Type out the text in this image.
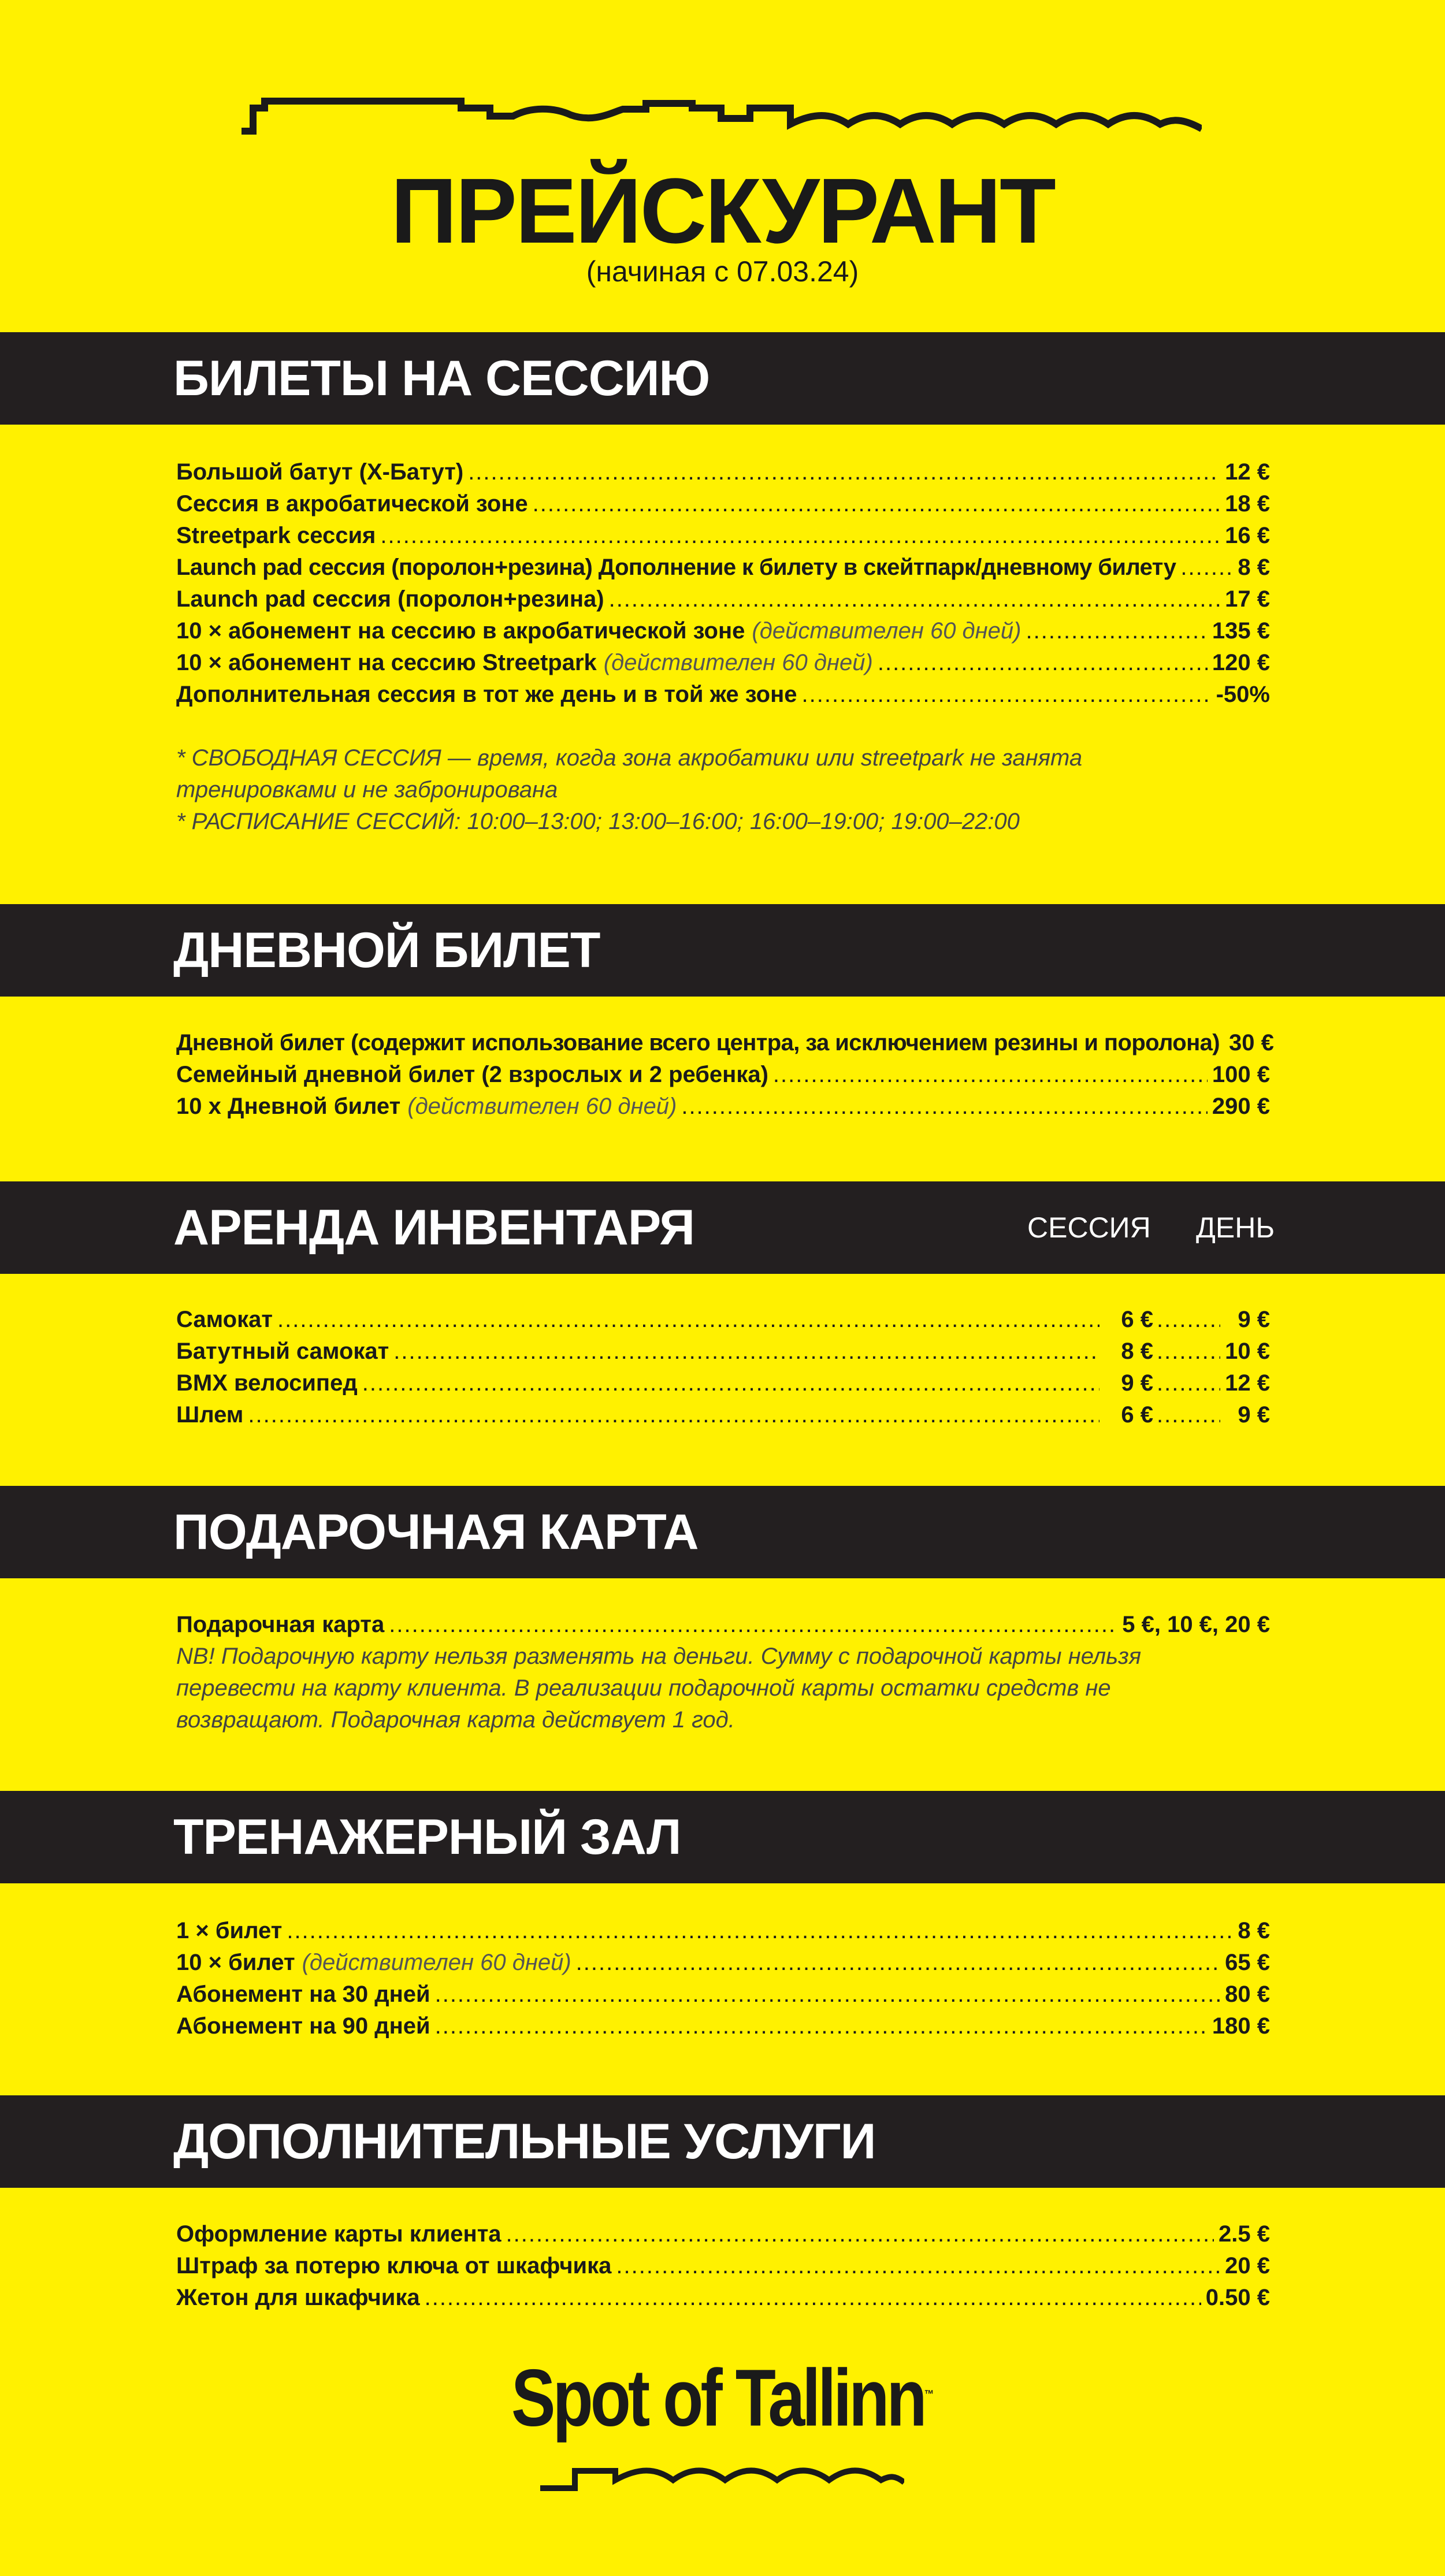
ПРЕЙСКУРАНТ
(начиная с 07.03.24)
БИЛЕТЫ НА СЕССИЮ
Большой батут (X-Батут) .....	12 €
Сессия в акробатической зоне .....	18 €
Streetpark сессия .....	16 €
Launch pad сессия (поролон+резина) Дополнение к билету в скейтпарк/дневному билету .....	8 €
Launch pad сессия (поролон+резина) .....	17 €
10 × абонемент на сессию в акробатической зоне (действителен 60 дней) .....	135 €
10 × абонемент на сессию Streetpark (действителен 60 дней) .....	120 €
Дополнительная сессия в тот же день и в той же зоне .....	-50%
* СВОБОДНАЯ СЕССИЯ — время, когда зона акробатики или streetpark не занята
тренировками и не забронирована
* РАСПИСАНИЕ СЕССИЙ: 10:00–13:00; 13:00–16:00; 16:00–19:00; 19:00–22:00
ДНЕВНОЙ БИЛЕТ
Дневной билет (содержит использование всего центра, за исключением резины и поролона) 30 €
Семейный дневной билет (2 взрослых и 2 ребенка) .....	100 €
10 x Дневной билет (действителен 60 дней) .....	290 €
АРЕНДА ИНВЕНТАРЯ	СЕССИЯ ДЕНЬ
Самокат .....	6 € .....	9 €
Батутный самокат .....	8 € .....	10 €
BMX велосипед .....	9 € .....	12 €
Шлем .....	6 € .....	9 €
ПОДАРОЧНАЯ КАРТА
Подарочная карта .....	5 €, 10 €, 20 €
NB! Подарочную карту нельзя разменять на деньги. Сумму с подарочной карты нельзя
перевести на карту клиента. В реализации подарочной карты остатки средств не
возвращают. Подарочная карта действует 1 год.
ТРЕНАЖЕРНЫЙ ЗАЛ
1 × билет .....	8 €
10 × билет (действителен 60 дней) .....	65 €
Абонемент на 30 дней .....	80 €
Абонемент на 90 дней .....	180 €
ДОПОЛНИТЕЛЬНЫЕ УСЛУГИ
Оформление карты клиента .....	2.5 €
Штраф за потерю ключа от шкафчика .....	20 €
Жетон для шкафчика .....	0.50 €
Spot of Tallinn™
